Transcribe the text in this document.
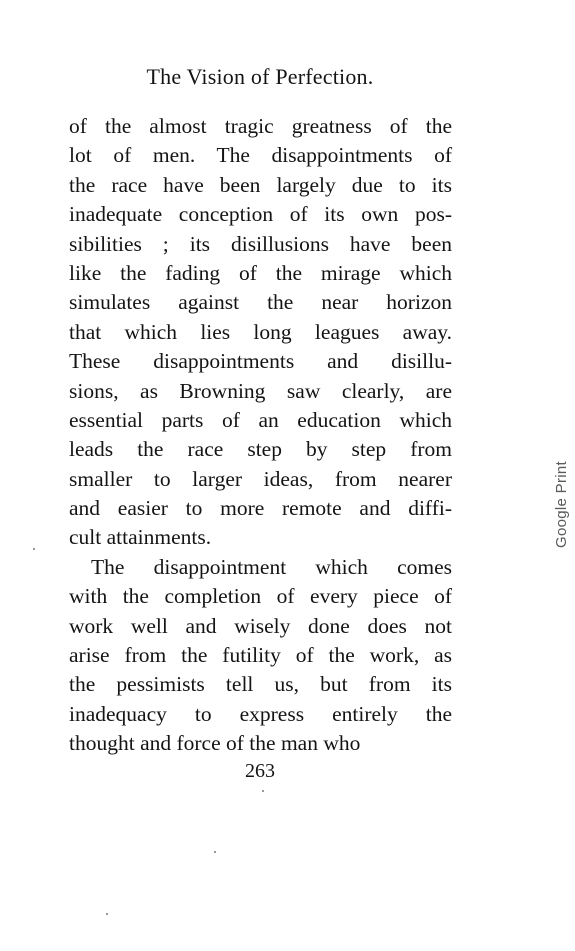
The Vision of Perfection.
of the almost tragic greatness of the
lot of men. The disappointments of
the race have been largely due to its
inadequate conception of its own pos-
sibilities ; its disillusions have been
like the fading of the mirage which
simulates against the near horizon
that which lies long leagues away.
These disappointments and disillu-
sions, as Browning saw clearly, are
essential parts of an education which
leads the race step by step from
smaller to larger ideas, from nearer
and easier to more remote and diffi-
cult attainments.
The disappointment which comes
with the completion of every piece of
work well and wisely done does not
arise from the futility of the work, as
the pessimists tell us, but from its
inadequacy to express entirely the
thought and force of the man who
263
Google Print
